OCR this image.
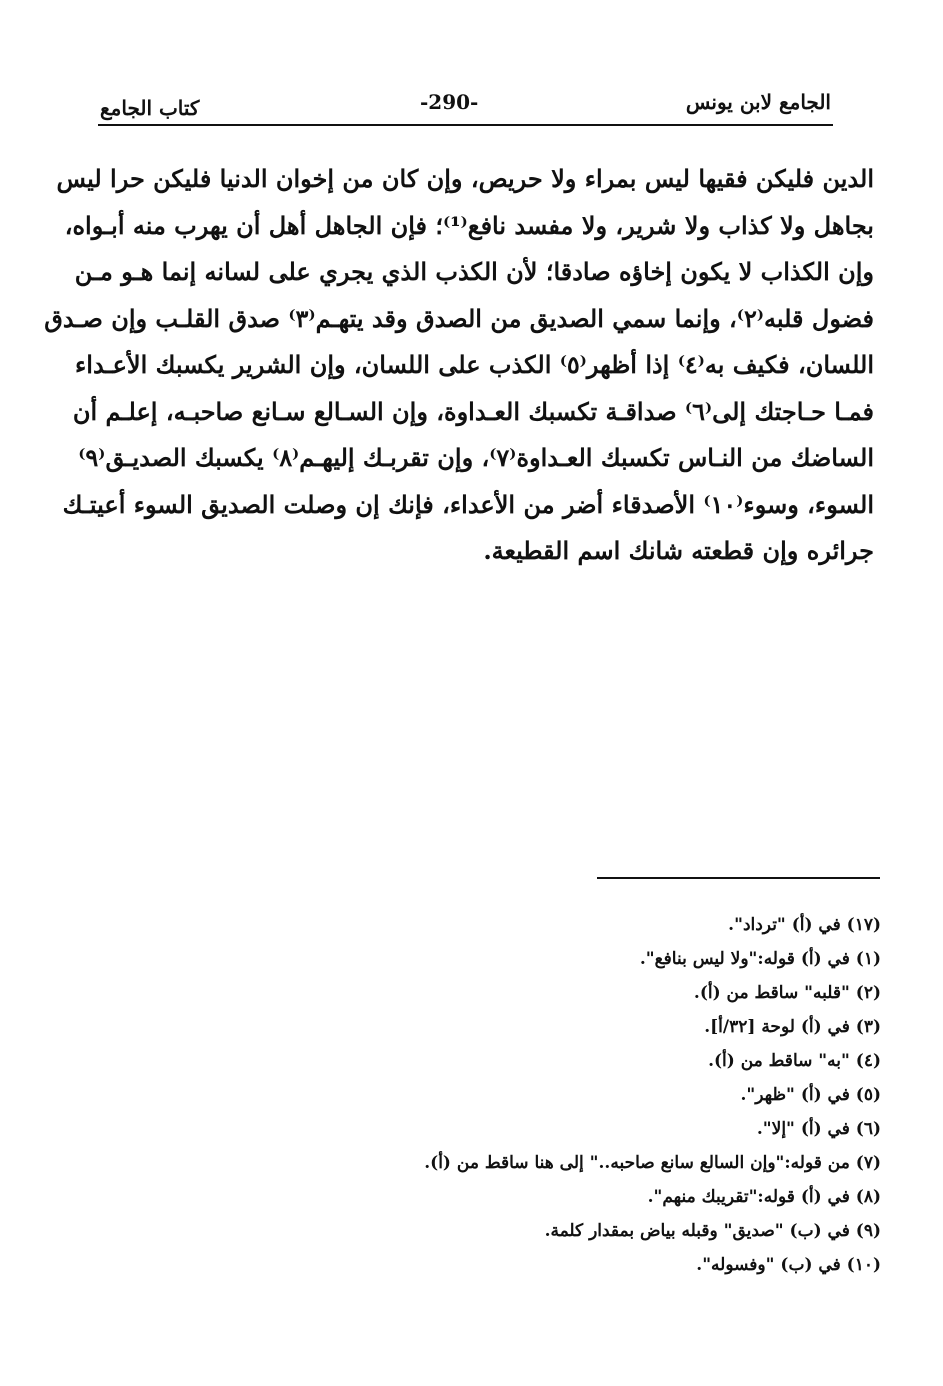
الجامع لابن يونس
-290-
كتاب الجامع
الدين فليكن فقيها ليس بمراء ولا حريص، وإن كان من إخوان الدنيا فليكن حرا ليس
بجاهل ولا كذاب ولا شرير، ولا مفسد نافع⁽¹⁾؛ فإن الجاهل أهل أن يهرب منه أبـواه،
وإن الكذاب لا يكون إخاؤه صادقا؛ لأن الكذب الذي يجري على لسانه إنما هـو مـن
فضول قلبه⁽٢⁾، وإنما سمي الصديق من الصدق وقد يتهـم⁽٣⁾ صدق القلـب وإن صـدق
اللسان، فكيف به⁽٤⁾ إذا أظهر⁽٥⁾ الكذب على اللسان، وإن الشرير يكسبك الأعـداء
فمـا حـاجتك إلى⁽٦⁾ صداقـة تكسبك العـداوة، وإن السـالع سـانع صاحبـه، إعلـم أن
الساضك من النـاس تكسبك العـداوة⁽٧⁾، وإن تقربـك إليهـم⁽٨⁾ يكسبك الصديـق⁽٩⁾
السوء، وسوء⁽١٠⁾ الأصدقاء أضر من الأعداء، فإنك إن وصلت الصديق السوء أعيتـك
جرائره وإن قطعته شانك اسم القطيعة.
(١٧) في (أ) "ترداد".
(١) في (أ) قوله:"ولا ليس بنافع".
(٢) "قلبه" ساقط من (أ).
(٣) في (أ) لوحة [٣٢/أ].
(٤) "به" ساقط من (أ).
(٥) في (أ) "ظهر".
(٦) في (أ) "إلا".
(٧) من قوله:"وإن السالع سانع صاحبه.." إلى هنا ساقط من (أ).
(٨) في (أ) قوله:"تقريبك منهم".
(٩) في (ب) "صديق" وقبله بياض بمقدار كلمة.
(١٠) في (ب) "وفسوله".
